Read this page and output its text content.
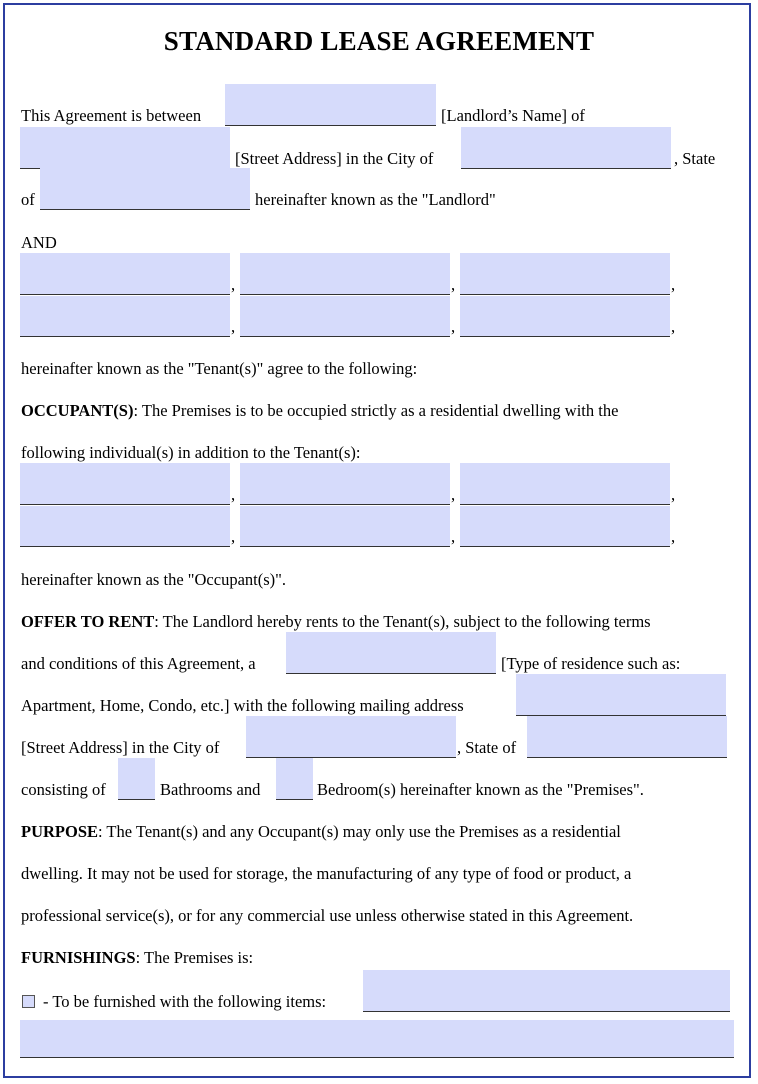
STANDARD LEASE AGREEMENT
This Agreement is between	[Landlord’s Name] of
[Street Address] in the City of	, State
of	hereinafter known as the "Landlord"
AND
,	,	,
,	,	,
hereinafter known as the "Tenant(s)" agree to the following:
OCCUPANT(S): The Premises is to be occupied strictly as a residential dwelling with the
following individual(s) in addition to the Tenant(s):
,	,	,
,	,	,
hereinafter known as the "Occupant(s)".
OFFER TO RENT: The Landlord hereby rents to the Tenant(s), subject to the following terms
and conditions of this Agreement, a	[Type of residence such as:
Apartment, Home, Condo, etc.] with the following mailing address
[Street Address] in the City of	, State of
consisting of	Bathrooms and	Bedroom(s) hereinafter known as the "Premises".
PURPOSE: The Tenant(s) and any Occupant(s) may only use the Premises as a residential
dwelling. It may not be used for storage, the manufacturing of any type of food or product, a
professional service(s), or for any commercial use unless otherwise stated in this Agreement.
FURNISHINGS: The Premises is:
- To be furnished with the following items:
